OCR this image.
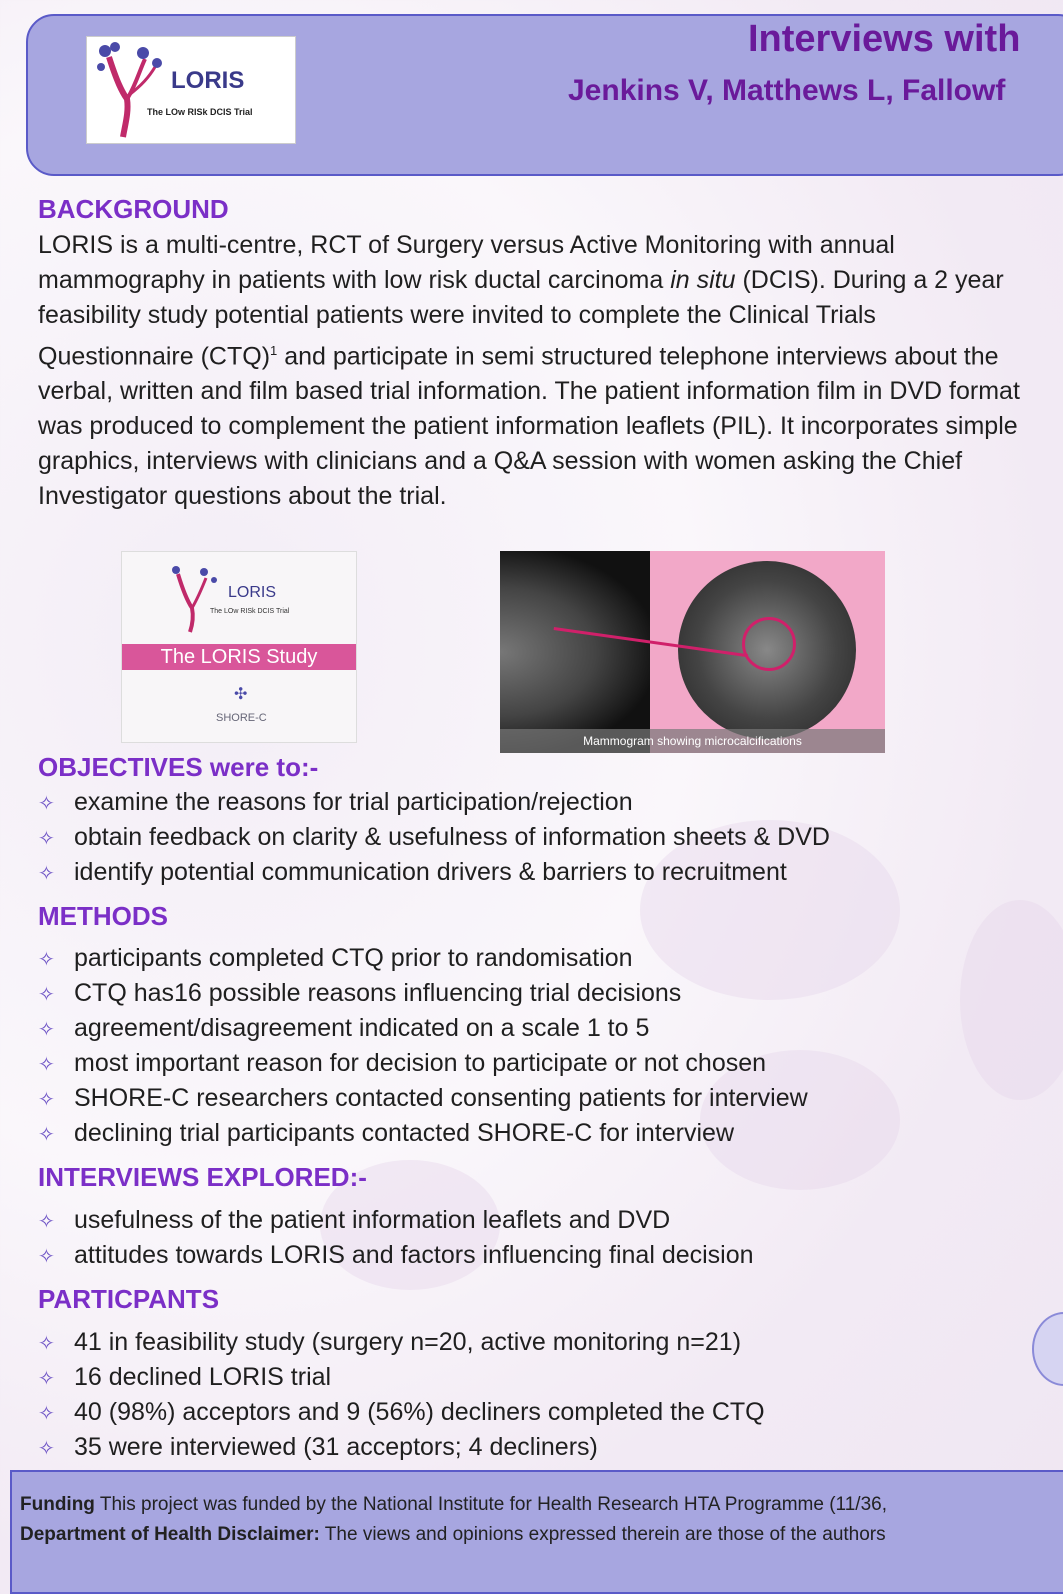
LORIS
The LOw RISk DCIS Trial
Interviews with
Jenkins V, Matthews L, Fallowf
BACKGROUND
LORIS is a multi-centre, RCT of Surgery versus Active Monitoring with annual mammography in patients with low risk ductal carcinoma in situ (DCIS). During a 2 year feasibility study potential patients were invited to complete the Clinical Trials Questionnaire (CTQ)$^1$ and participate in semi structured telephone interviews about the verbal, written and film based trial information. The patient information film in DVD format was produced to complement the patient information leaflets (PIL). It incorporates simple graphics, interviews with clinicians and a Q&A session with women asking the Chief Investigator questions about the trial.
LORIS
The LOw RISk DCIS Trial
The LORIS Study
✣
SHORE-C
Mammogram showing microcalcifications
OBJECTIVES were to:-
✧ examine the reasons for trial participation/rejection
✧ obtain feedback on clarity & usefulness of information sheets & DVD
✧ identify potential communication drivers & barriers to recruitment
METHODS
✧ participants completed CTQ prior to randomisation
✧ CTQ has16 possible reasons influencing trial decisions
✧ agreement/disagreement indicated on a scale 1 to 5
✧ most important reason for decision to participate or not chosen
✧ SHORE-C researchers contacted consenting patients for interview
✧ declining trial participants contacted SHORE-C for interview
INTERVIEWS EXPLORED:-
✧ usefulness of the patient information leaflets and DVD
✧ attitudes towards LORIS and factors influencing final decision
PARTICPANTS
✧ 41 in feasibility study (surgery n=20, active monitoring n=21)
✧ 16 declined LORIS trial
✧ 40 (98%) acceptors and 9 (56%) decliners completed the CTQ
✧ 35 were interviewed (31 acceptors; 4 decliners)

Funding This project was funded by the National Institute for Health Research HTA Programme (11/36,

Department of Health Disclaimer: The views and opinions expressed therein are those of the authors
